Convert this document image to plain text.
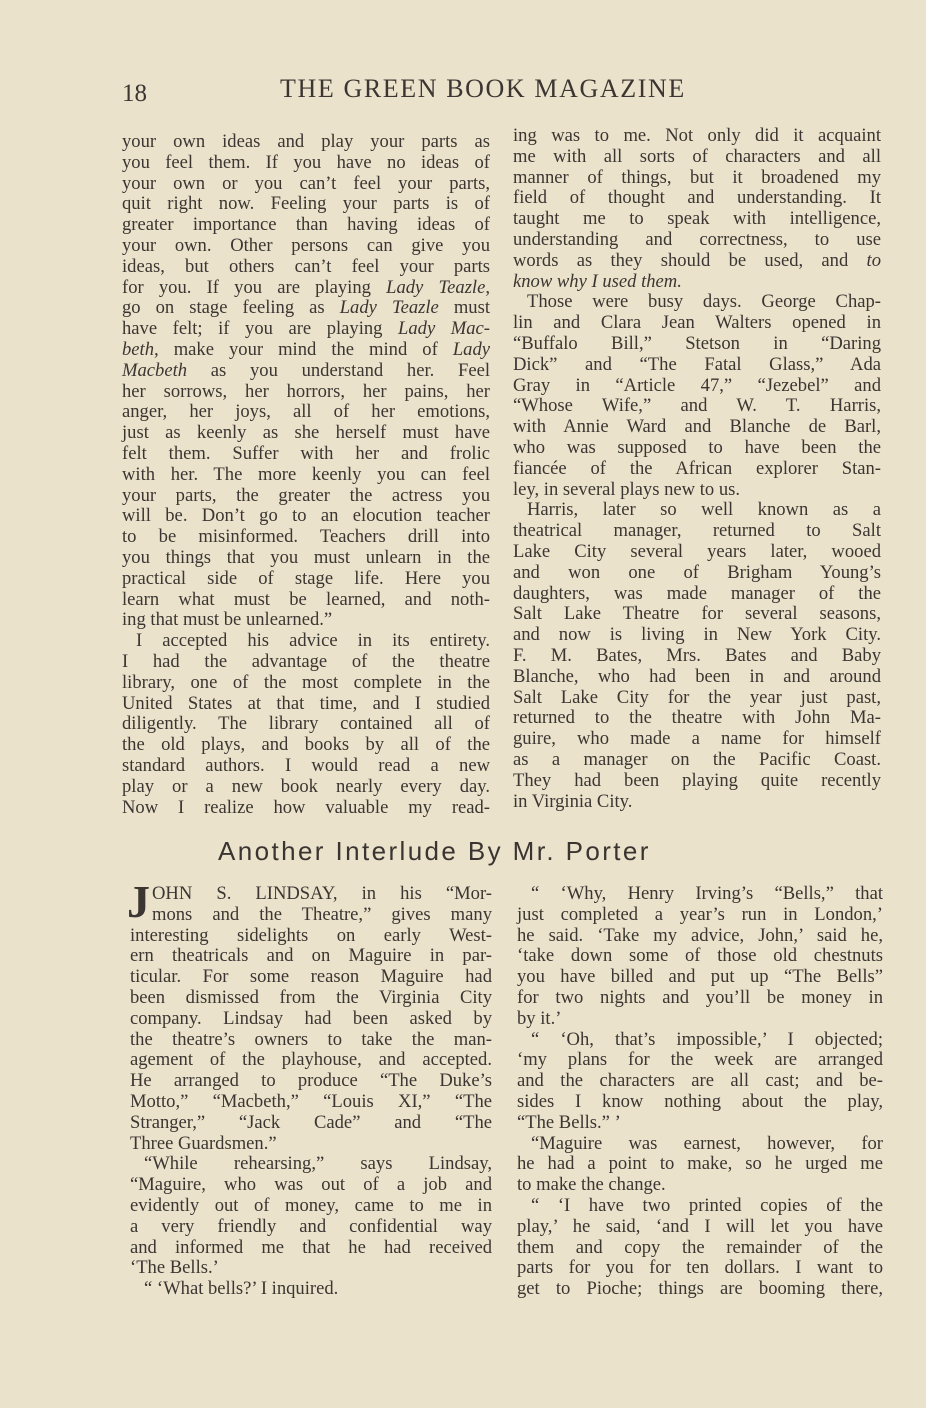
18	THE GREEN BOOK MAGAZINE
your own ideas and play your parts as
you feel them. If you have no ideas of
your own or you can’t feel your parts,
quit right now. Feeling your parts is of
greater importance than having ideas of
your own. Other persons can give you
ideas, but others can’t feel your parts
for you. If you are playing Lady Teazle,
go on stage feeling as Lady Teazle must
have felt; if you are playing Lady Mac-
beth, make your mind the mind of Lady
Macbeth as you understand her. Feel
her sorrows, her horrors, her pains, her
anger, her joys, all of her emotions,
just as keenly as she herself must have
felt them. Suffer with her and frolic
with her. The more keenly you can feel
your parts, the greater the actress you
will be. Don’t go to an elocution teacher
to be misinformed. Teachers drill into
you things that you must unlearn in the
practical side of stage life. Here you
learn what must be learned, and noth-
ing that must be unlearned.”
I accepted his advice in its entirety.
I had the advantage of the theatre
library, one of the most complete in the
United States at that time, and I studied
diligently. The library contained all of
the old plays, and books by all of the
standard authors. I would read a new
play or a new book nearly every day.
Now I realize how valuable my read-
ing was to me. Not only did it acquaint
me with all sorts of characters and all
manner of things, but it broadened my
field of thought and understanding. It
taught me to speak with intelligence,
understanding and correctness, to use
words as they should be used, and to
know why I used them.
Those were busy days. George Chap-
lin and Clara Jean Walters opened in
“Buffalo Bill,” Stetson in “Daring
Dick” and “The Fatal Glass,” Ada
Gray in “Article 47,” “Jezebel” and
“Whose Wife,” and W. T. Harris,
with Annie Ward and Blanche de Barl,
who was supposed to have been the
fiancée of the African explorer Stan-
ley, in several plays new to us.
Harris, later so well known as a
theatrical manager, returned to Salt
Lake City several years later, wooed
and won one of Brigham Young’s
daughters, was made manager of the
Salt Lake Theatre for several seasons,
and now is living in New York City.
F. M. Bates, Mrs. Bates and Baby
Blanche, who had been in and around
Salt Lake City for the year just past,
returned to the theatre with John Ma-
guire, who made a name for himself
as a manager on the Pacific Coast.
They had been playing quite recently
in Virginia City.
Another Interlude By Mr. Porter
J OHN S. LINDSAY, in his “Mor-
mons and the Theatre,” gives many
interesting sidelights on early West-
ern theatricals and on Maguire in par-
ticular. For some reason Maguire had
been dismissed from the Virginia City
company. Lindsay had been asked by
the theatre’s owners to take the man-
agement of the playhouse, and accepted.
He arranged to produce “The Duke’s
Motto,” “Macbeth,” “Louis XI,” “The
Stranger,” “Jack Cade” and “The
Three Guardsmen.”
“While rehearsing,” says Lindsay,
“Maguire, who was out of a job and
evidently out of money, came to me in
a very friendly and confidential way
and informed me that he had received
‘The Bells.’
“ ‘What bells?’ I inquired.
“ ‘Why, Henry Irving’s “Bells,” that
just completed a year’s run in London,’
he said. ‘Take my advice, John,’ said he,
‘take down some of those old chestnuts
you have billed and put up “The Bells”
for two nights and you’ll be money in
by it.’
“ ‘Oh, that’s impossible,’ I objected;
‘my plans for the week are arranged
and the characters are all cast; and be-
sides I know nothing about the play,
“The Bells.” ’
“Maguire was earnest, however, for
he had a point to make, so he urged me
to make the change.
“ ‘I have two printed copies of the
play,’ he said, ‘and I will let you have
them and copy the remainder of the
parts for you for ten dollars. I want to
get to Pioche; things are booming there,
